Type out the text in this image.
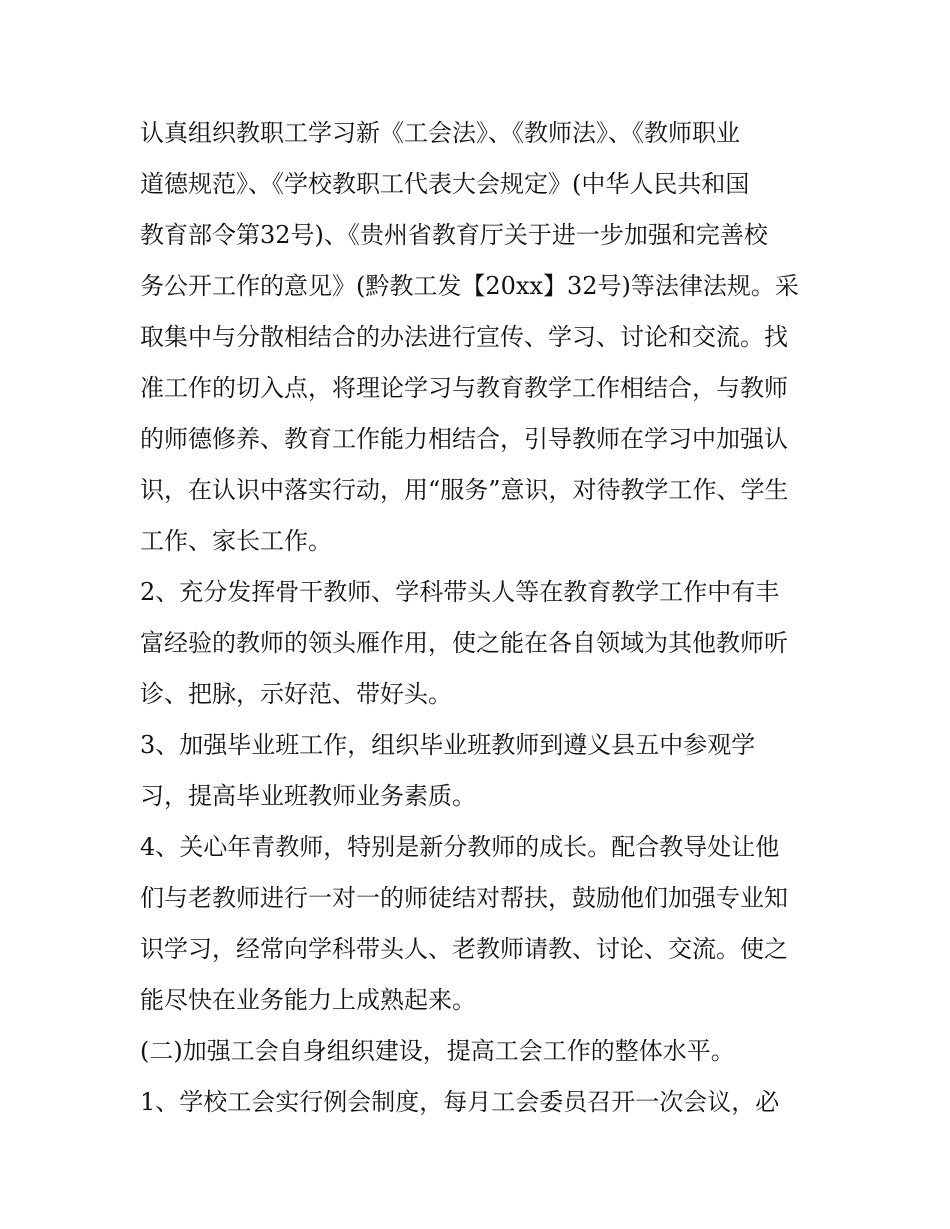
认真组织教职工学习新《工会法》、《教师法》、《教师职业

道德规范》、《学校教职工代表大会规定》(中华人民共和国

教育部令第32号)、《贵州省教育厅关于进一步加强和完善校

务公开工作的意见》(黔教工发【20xx】32号)等法律法规。采

取集中与分散相结合的办法进行宣传、学习、讨论和交流。找

准工作的切入点，将理论学习与教育教学工作相结合，与教师

的师德修养、教育工作能力相结合，引导教师在学习中加强认

识，在认识中落实行动，用“服务”意识，对待教学工作、学生

工作、家长工作。

2、充分发挥骨干教师、学科带头人等在教育教学工作中有丰

富经验的教师的领头雁作用，使之能在各自领域为其他教师听

诊、把脉，示好范、带好头。

3、加强毕业班工作，组织毕业班教师到遵义县五中参观学

习，提高毕业班教师业务素质。

4、关心年青教师，特别是新分教师的成长。配合教导处让他

们与老教师进行一对一的师徒结对帮扶，鼓励他们加强专业知

识学习，经常向学科带头人、老教师请教、讨论、交流。使之

能尽快在业务能力上成熟起来。

(二)加强工会自身组织建设，提高工会工作的整体水平。

1、学校工会实行例会制度，每月工会委员召开一次会议，必
